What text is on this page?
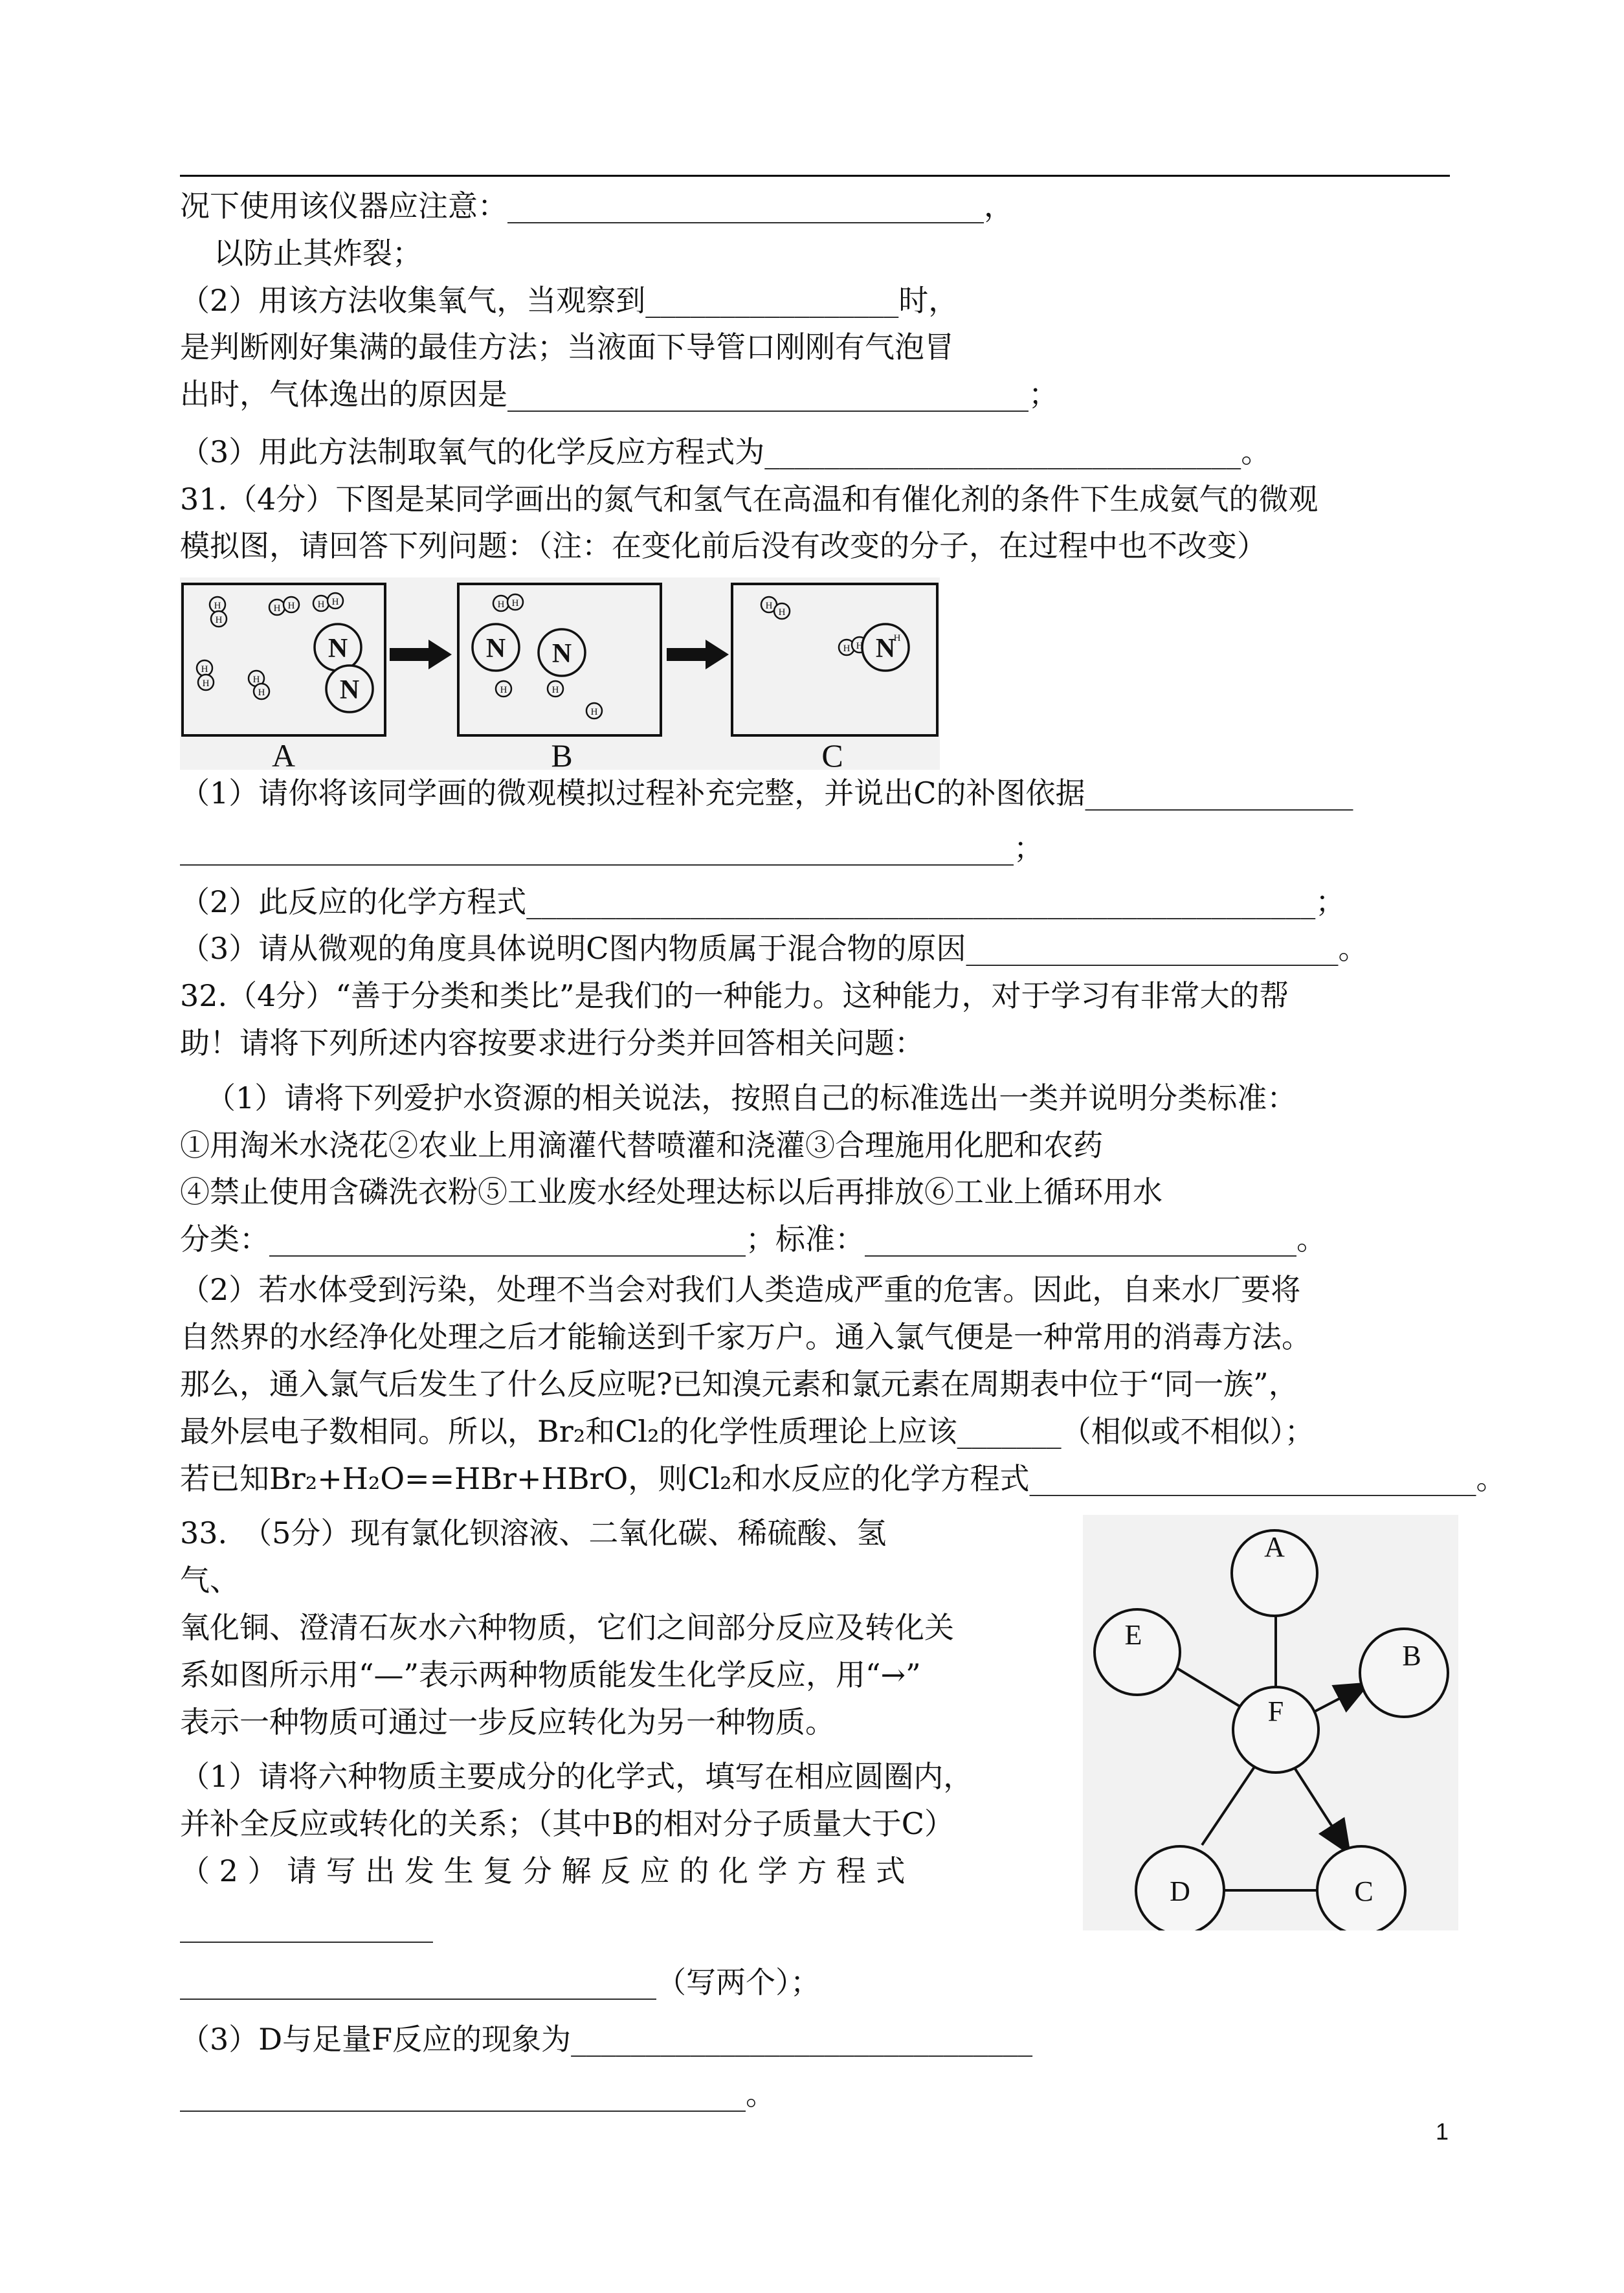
况下使用该仪器应注意：________________________________，
以防止其炸裂；
（2）用该方法收集氧气，当观察到_________________时，
是判断刚好集满的最佳方法；当液面下导管口刚刚有气泡冒
出时，气体逸出的原因是___________________________________；
（3）用此方法制取氧气的化学反应方程式为________________________________。
31.（4分）下图是某同学画出的氮气和氢气在高温和有催化剂的条件下生成氨气的微观
模拟图，请回答下列问题：（注：在变化前后没有改变的分子，在过程中也不改变）
N
N
N N	N
A	B	C
H
H
H H H H
H
H	H
H
H H
H	H
H
H
H
H H
H
（1）请你将该同学画的微观模拟过程补充完整，并说出C的补图依据__________________
________________________________________________________；
（2）此反应的化学方程式_____________________________________________________；
（3）请从微观的角度具体说明C图内物质属于混合物的原因_________________________。
32.（4分）“善于分类和类比”是我们的一种能力。这种能力，对于学习有非常大的帮
助！请将下列所述内容按要求进行分类并回答相关问题：
（1）请将下列爱护水资源的相关说法，按照自己的标准选出一类并说明分类标准：
①用淘米水浇花②农业上用滴灌代替喷灌和浇灌③合理施用化肥和农药
④禁止使用含磷洗衣粉⑤工业废水经处理达标以后再排放⑥工业上循环用水
分类：________________________________；标准：_____________________________。
（2）若水体受到污染，处理不当会对我们人类造成严重的危害。因此，自来水厂要将
自然界的水经净化处理之后才能输送到千家万户。通入氯气便是一种常用的消毒方法。
那么，通入氯气后发生了什么反应呢?已知溴元素和氯元素在周期表中位于“同一族”，
最外层电子数相同。所以，Br₂和Cl₂的化学性质理论上应该_______（相似或不相似）；
若已知Br₂+H₂O==HBr+HBrO，则Cl₂和水反应的化学方程式______________________________。
33.　（5分）现有氯化钡溶液、二氧化碳、稀硫酸、氢
气、
氧化铜、澄清石灰水六种物质，它们之间部分反应及转化关
系如图所示用“—”表示两种物质能发生化学反应，用“→”
表示一种物质可通过一步反应转化为另一种物质。
（1）请将六种物质主要成分的化学式，填写在相应圆圈内，
并补全反应或转化的关系；（其中B的相对分子质量大于C）
（ 2 ） 请 写 出 发 生 复 分 解 反 应 的 化 学 方 程 式
_________________
________________________________（写两个）；
（3）D与足量F反应的现象为_______________________________
______________________________________。
A
B
C
D
E
F
1
